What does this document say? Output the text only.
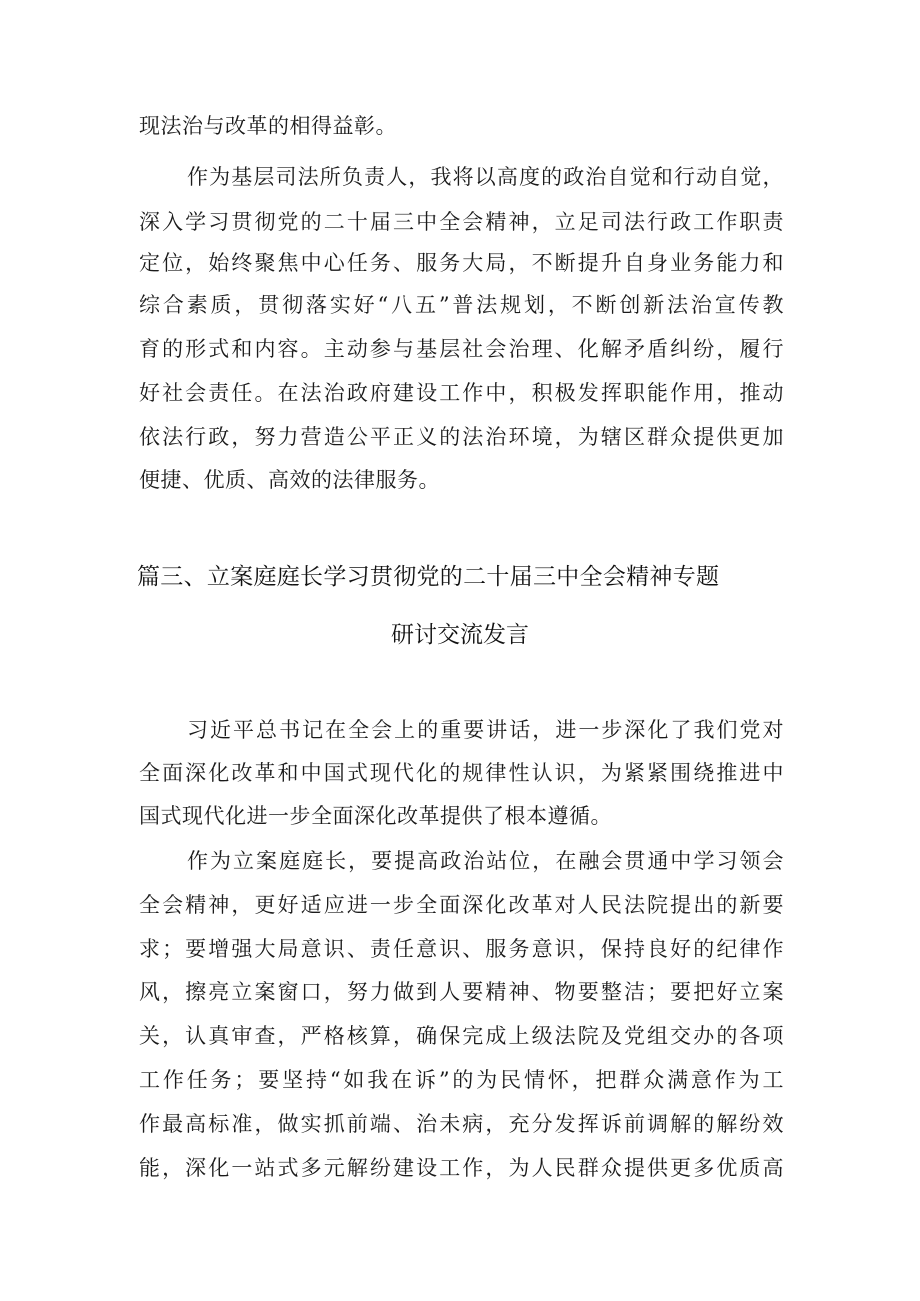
现法治与改革的相得益彰。
作为基层司法所负责人，我将以高度的政治自觉和行动自觉，
深入学习贯彻党的二十届三中全会精神，立足司法行政工作职责
定位，始终聚焦中心任务、服务大局，不断提升自身业务能力和
综合素质，贯彻落实好“八五”普法规划，不断创新法治宣传教
育的形式和内容。主动参与基层社会治理、化解矛盾纠纷，履行
好社会责任。在法治政府建设工作中，积极发挥职能作用，推动
依法行政，努力营造公平正义的法治环境，为辖区群众提供更加
便捷、优质、高效的法律服务。
篇三、立案庭庭长学习贯彻党的二十届三中全会精神专题
研讨交流发言
习近平总书记在全会上的重要讲话，进一步深化了我们党对
全面深化改革和中国式现代化的规律性认识，为紧紧围绕推进中
国式现代化进一步全面深化改革提供了根本遵循。
作为立案庭庭长，要提高政治站位，在融会贯通中学习领会
全会精神，更好适应进一步全面深化改革对人民法院提出的新要
求；要增强大局意识、责任意识、服务意识，保持良好的纪律作
风，擦亮立案窗口，努力做到人要精神、物要整洁；要把好立案
关，认真审查，严格核算，确保完成上级法院及党组交办的各项
工作任务；要坚持“如我在诉”的为民情怀，把群众满意作为工
作最高标准，做实抓前端、治未病，充分发挥诉前调解的解纷效
能，深化一站式多元解纷建设工作，为人民群众提供更多优质高
